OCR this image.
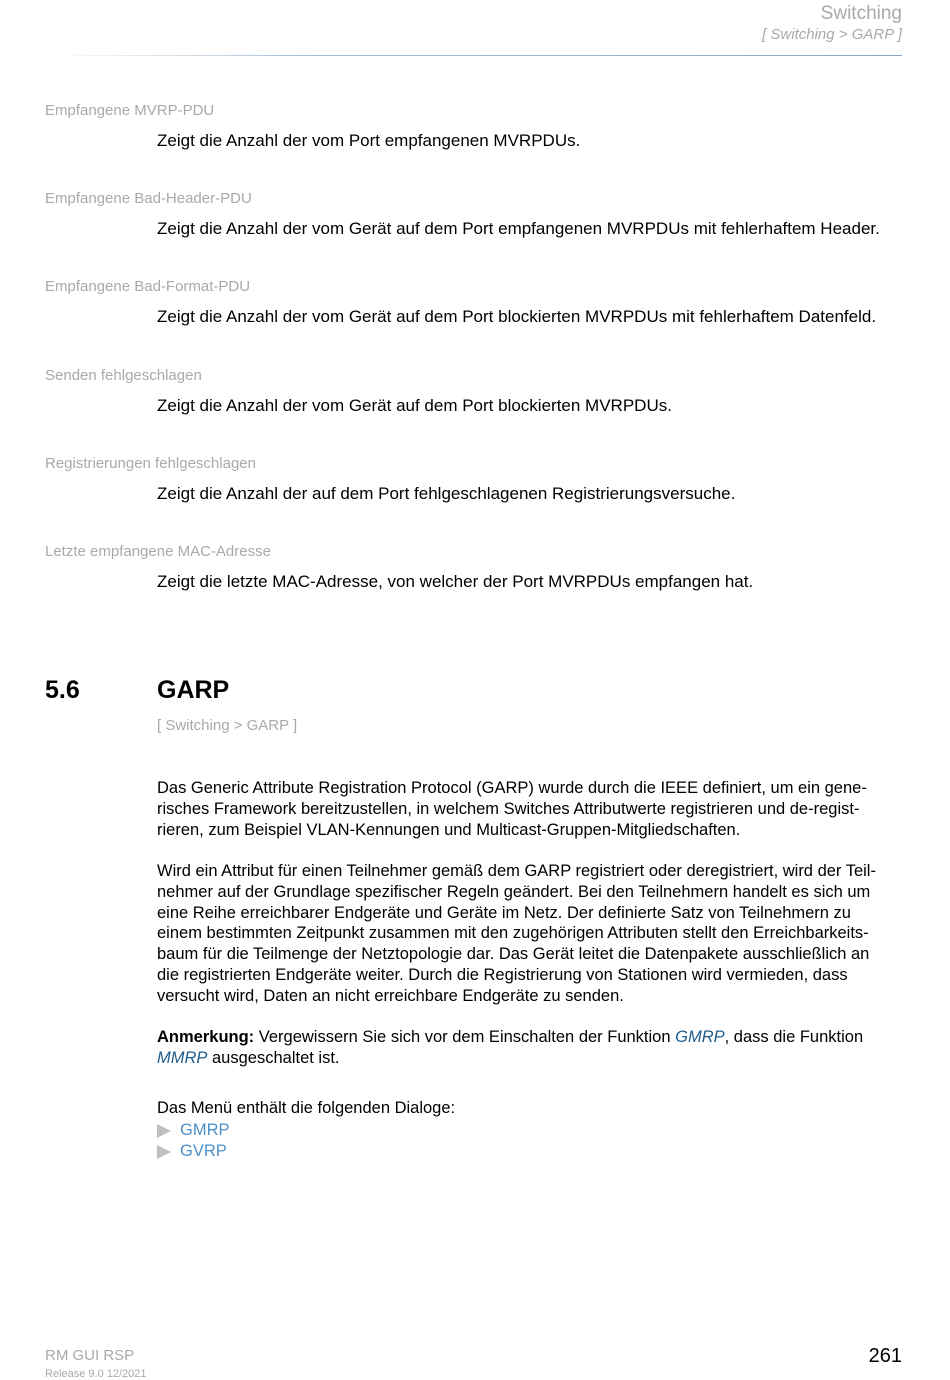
Switching
[ Switching > GARP ]
Empfangene MVRP-PDU
Zeigt die Anzahl der vom Port empfangenen MVRPDUs.
Empfangene Bad-Header-PDU
Zeigt die Anzahl der vom Gerät auf dem Port empfangenen MVRPDUs mit fehlerhaftem Header.
Empfangene Bad-Format-PDU
Zeigt die Anzahl der vom Gerät auf dem Port blockierten MVRPDUs mit fehlerhaftem Datenfeld.
Senden fehlgeschlagen
Zeigt die Anzahl der vom Gerät auf dem Port blockierten MVRPDUs.
Registrierungen fehlgeschlagen
Zeigt die Anzahl der auf dem Port fehlgeschlagenen Registrierungsversuche.
Letzte empfangene MAC-Adresse
Zeigt die letzte MAC-Adresse, von welcher der Port MVRPDUs empfangen hat.
5.6	GARP
[ Switching > GARP ]
Das Generic Attribute Registration Protocol (GARP) wurde durch die IEEE definiert, um ein gene-
risches Framework bereitzustellen, in welchem Switches Attributwerte registrieren und de-regist-
rieren, zum Beispiel VLAN-Kennungen und Multicast-Gruppen-Mitgliedschaften.
Wird ein Attribut für einen Teilnehmer gemäß dem GARP registriert oder deregistriert, wird der Teil-
nehmer auf der Grundlage spezifischer Regeln geändert. Bei den Teilnehmern handelt es sich um
eine Reihe erreichbarer Endgeräte und Geräte im Netz. Der definierte Satz von Teilnehmern zu
einem bestimmten Zeitpunkt zusammen mit den zugehörigen Attributen stellt den Erreichbarkeits-
baum für die Teilmenge der Netztopologie dar. Das Gerät leitet die Datenpakete ausschließlich an
die registrierten Endgeräte weiter. Durch die Registrierung von Stationen wird vermieden, dass
versucht wird, Daten an nicht erreichbare Endgeräte zu senden.
Anmerkung: Vergewissern Sie sich vor dem Einschalten der Funktion GMRP, dass die Funktion
MMRP ausgeschaltet ist.
Das Menü enthält die folgenden Dialoge:
GMRP
GVRP
RM GUI RSP
Release 9.0 12/2021
261
